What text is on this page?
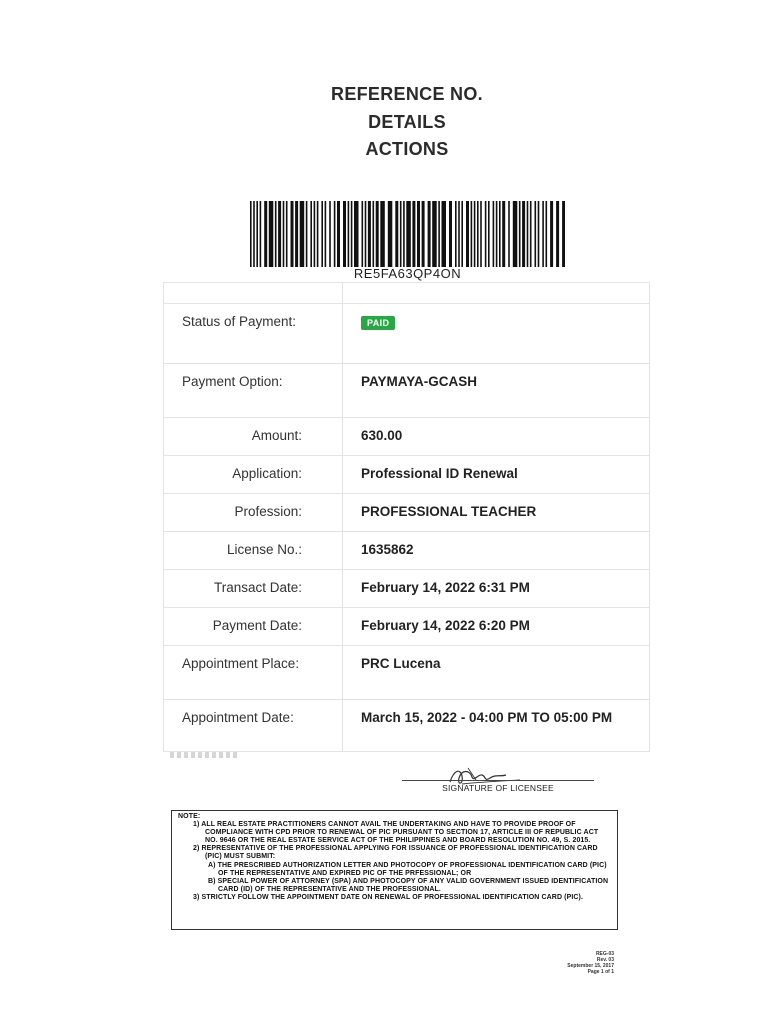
REFERENCE NO.
DETAILS
ACTIONS
RE5FA63QP4ON

Status of Payment:	PAID
Payment Option:	PAYMAYA-GCASH
Amount:	630.00
Application:	Professional ID Renewal
Profession:	PROFESSIONAL TEACHER
License No.:	1635862
Transact Date:	February 14, 2022 6:31 PM
Payment Date:	February 14, 2022 6:20 PM
Appointment Place:	PRC Lucena
Appointment Date:	March 15, 2022 - 04:00 PM TO 05:00 PM
SIGNATURE OF LICENSEE
NOTE:
1) ALL REAL ESTATE PRACTITIONERS CANNOT AVAIL THE UNDERTAKING AND HAVE TO PROVIDE PROOF OF COMPLIANCE WITH CPD PRIOR TO RENEWAL OF PIC PURSUANT TO SECTION 17, ARTICLE III OF REPUBLIC ACT NO. 9646 OR THE REAL ESTATE SERVICE ACT OF THE PHILIPPINES AND BOARD RESOLUTION NO. 49, S. 2015.
2) REPRESENTATIVE OF THE PROFESSIONAL APPLYING FOR ISSUANCE OF PROFESSIONAL IDENTIFICATION CARD (PIC) MUST SUBMIT:
A) THE PRESCRIBED AUTHORIZATION LETTER AND PHOTOCOPY OF PROFESSIONAL IDENTIFICATION CARD (PIC) OF THE REPRESENTATIVE AND EXPIRED PIC OF THE PRFESSIONAL; OR
B) SPECIAL POWER OF ATTORNEY (SPA) AND PHOTOCOPY OF ANY VALID GOVERNMENT ISSUED IDENTIFICATION CARD (ID) OF THE REPRESENTATIVE AND THE PROFESSIONAL.
3) STRICTLY FOLLOW THE APPOINTMENT DATE ON RENEWAL OF PROFESSIONAL IDENTIFICATION CARD (PIC).
REG-03
Rev. 03
September 15, 2017
Page 1 of 1
